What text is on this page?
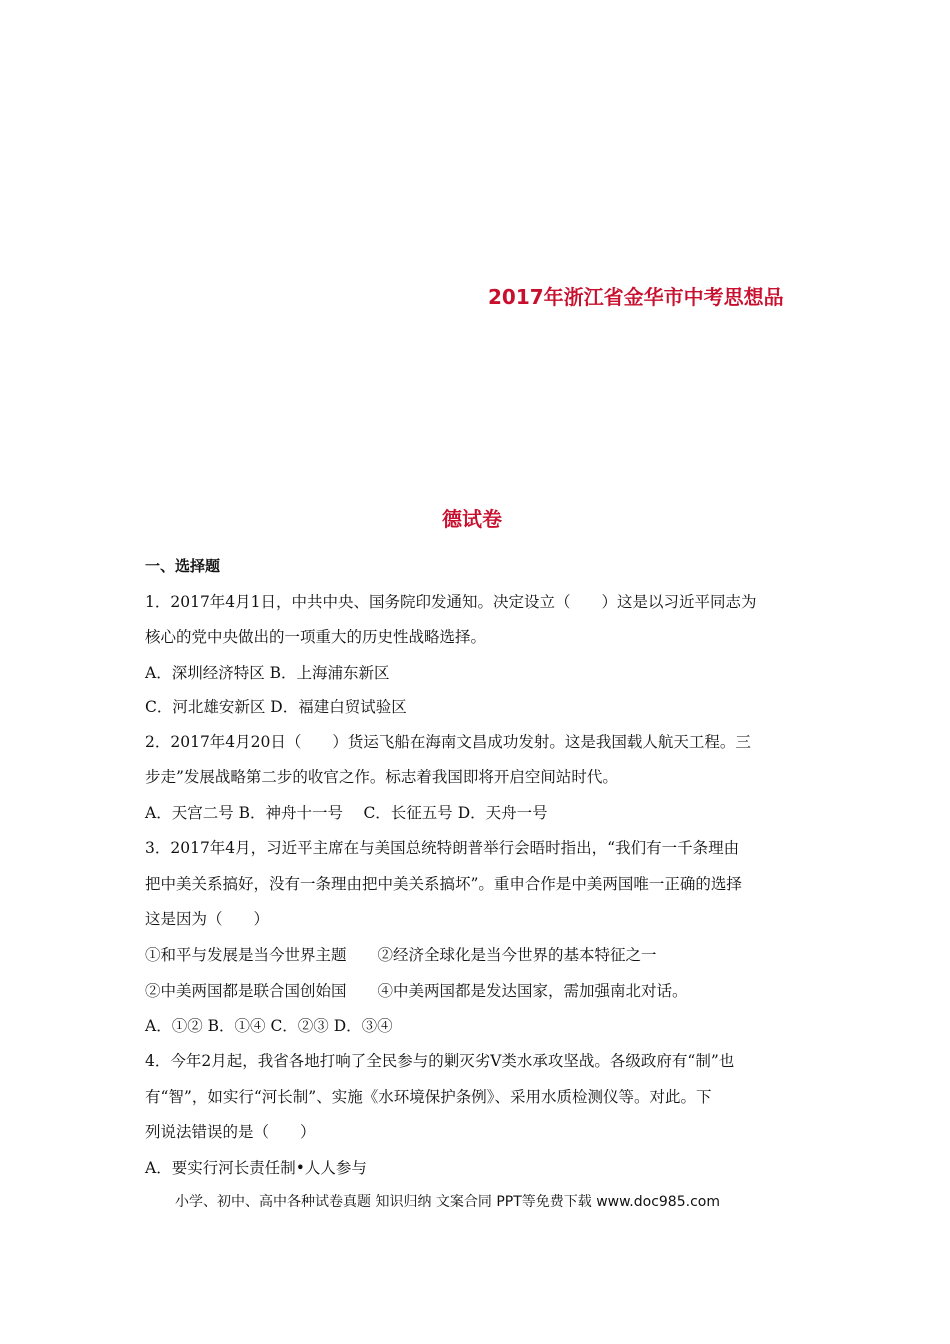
2017年浙江省金华市中考思想品
德试卷
一、选择题
1．2017年4月1日，中共中央、国务院印发通知。决定设立（　　）这是以习近平同志为
核心的党中央做出的一项重大的历史性战略选择。
A．深圳经济特区 B．上海浦东新区
C．河北雄安新区 D．福建白贸试验区
2．2017年4月20日（　　）货运飞船在海南文昌成功发射。这是我国载人航天工程。三
步走”发展战略第二步的收官之作。标志着我国即将开启空间站时代。
A．天宫二号 B．神舟十一号　 C．长征五号 D．天舟一号
3．2017年4月，习近平主席在与美国总统特朗普举行会晤时指出，“我们有一千条理由
把中美关系搞好，没有一条理由把中美关系搞坏”。重申合作是中美两国唯一正确的选择
这是因为（　　）
①和平与发展是当今世界主题　　②经济全球化是当今世界的基本特征之一
②中美两国都是联合国创始国　　④中美两国都是发达国家，需加强南北对话。
A．①② B．①④ C．②③ D．③④
4．今年2月起，我省各地打响了全民参与的剿灭劣Ⅴ类水承攻坚战。各级政府有“制”也
有“智”，如实行“河长制”、实施《水环境保护条例》、采用水质检测仪等。对此。下
列说法错误的是（　　）
A．要实行河长责任制•人人参与
小学、初中、高中各种试卷真题 知识归纳 文案合同 PPT等免费下载 www.doc985.com
